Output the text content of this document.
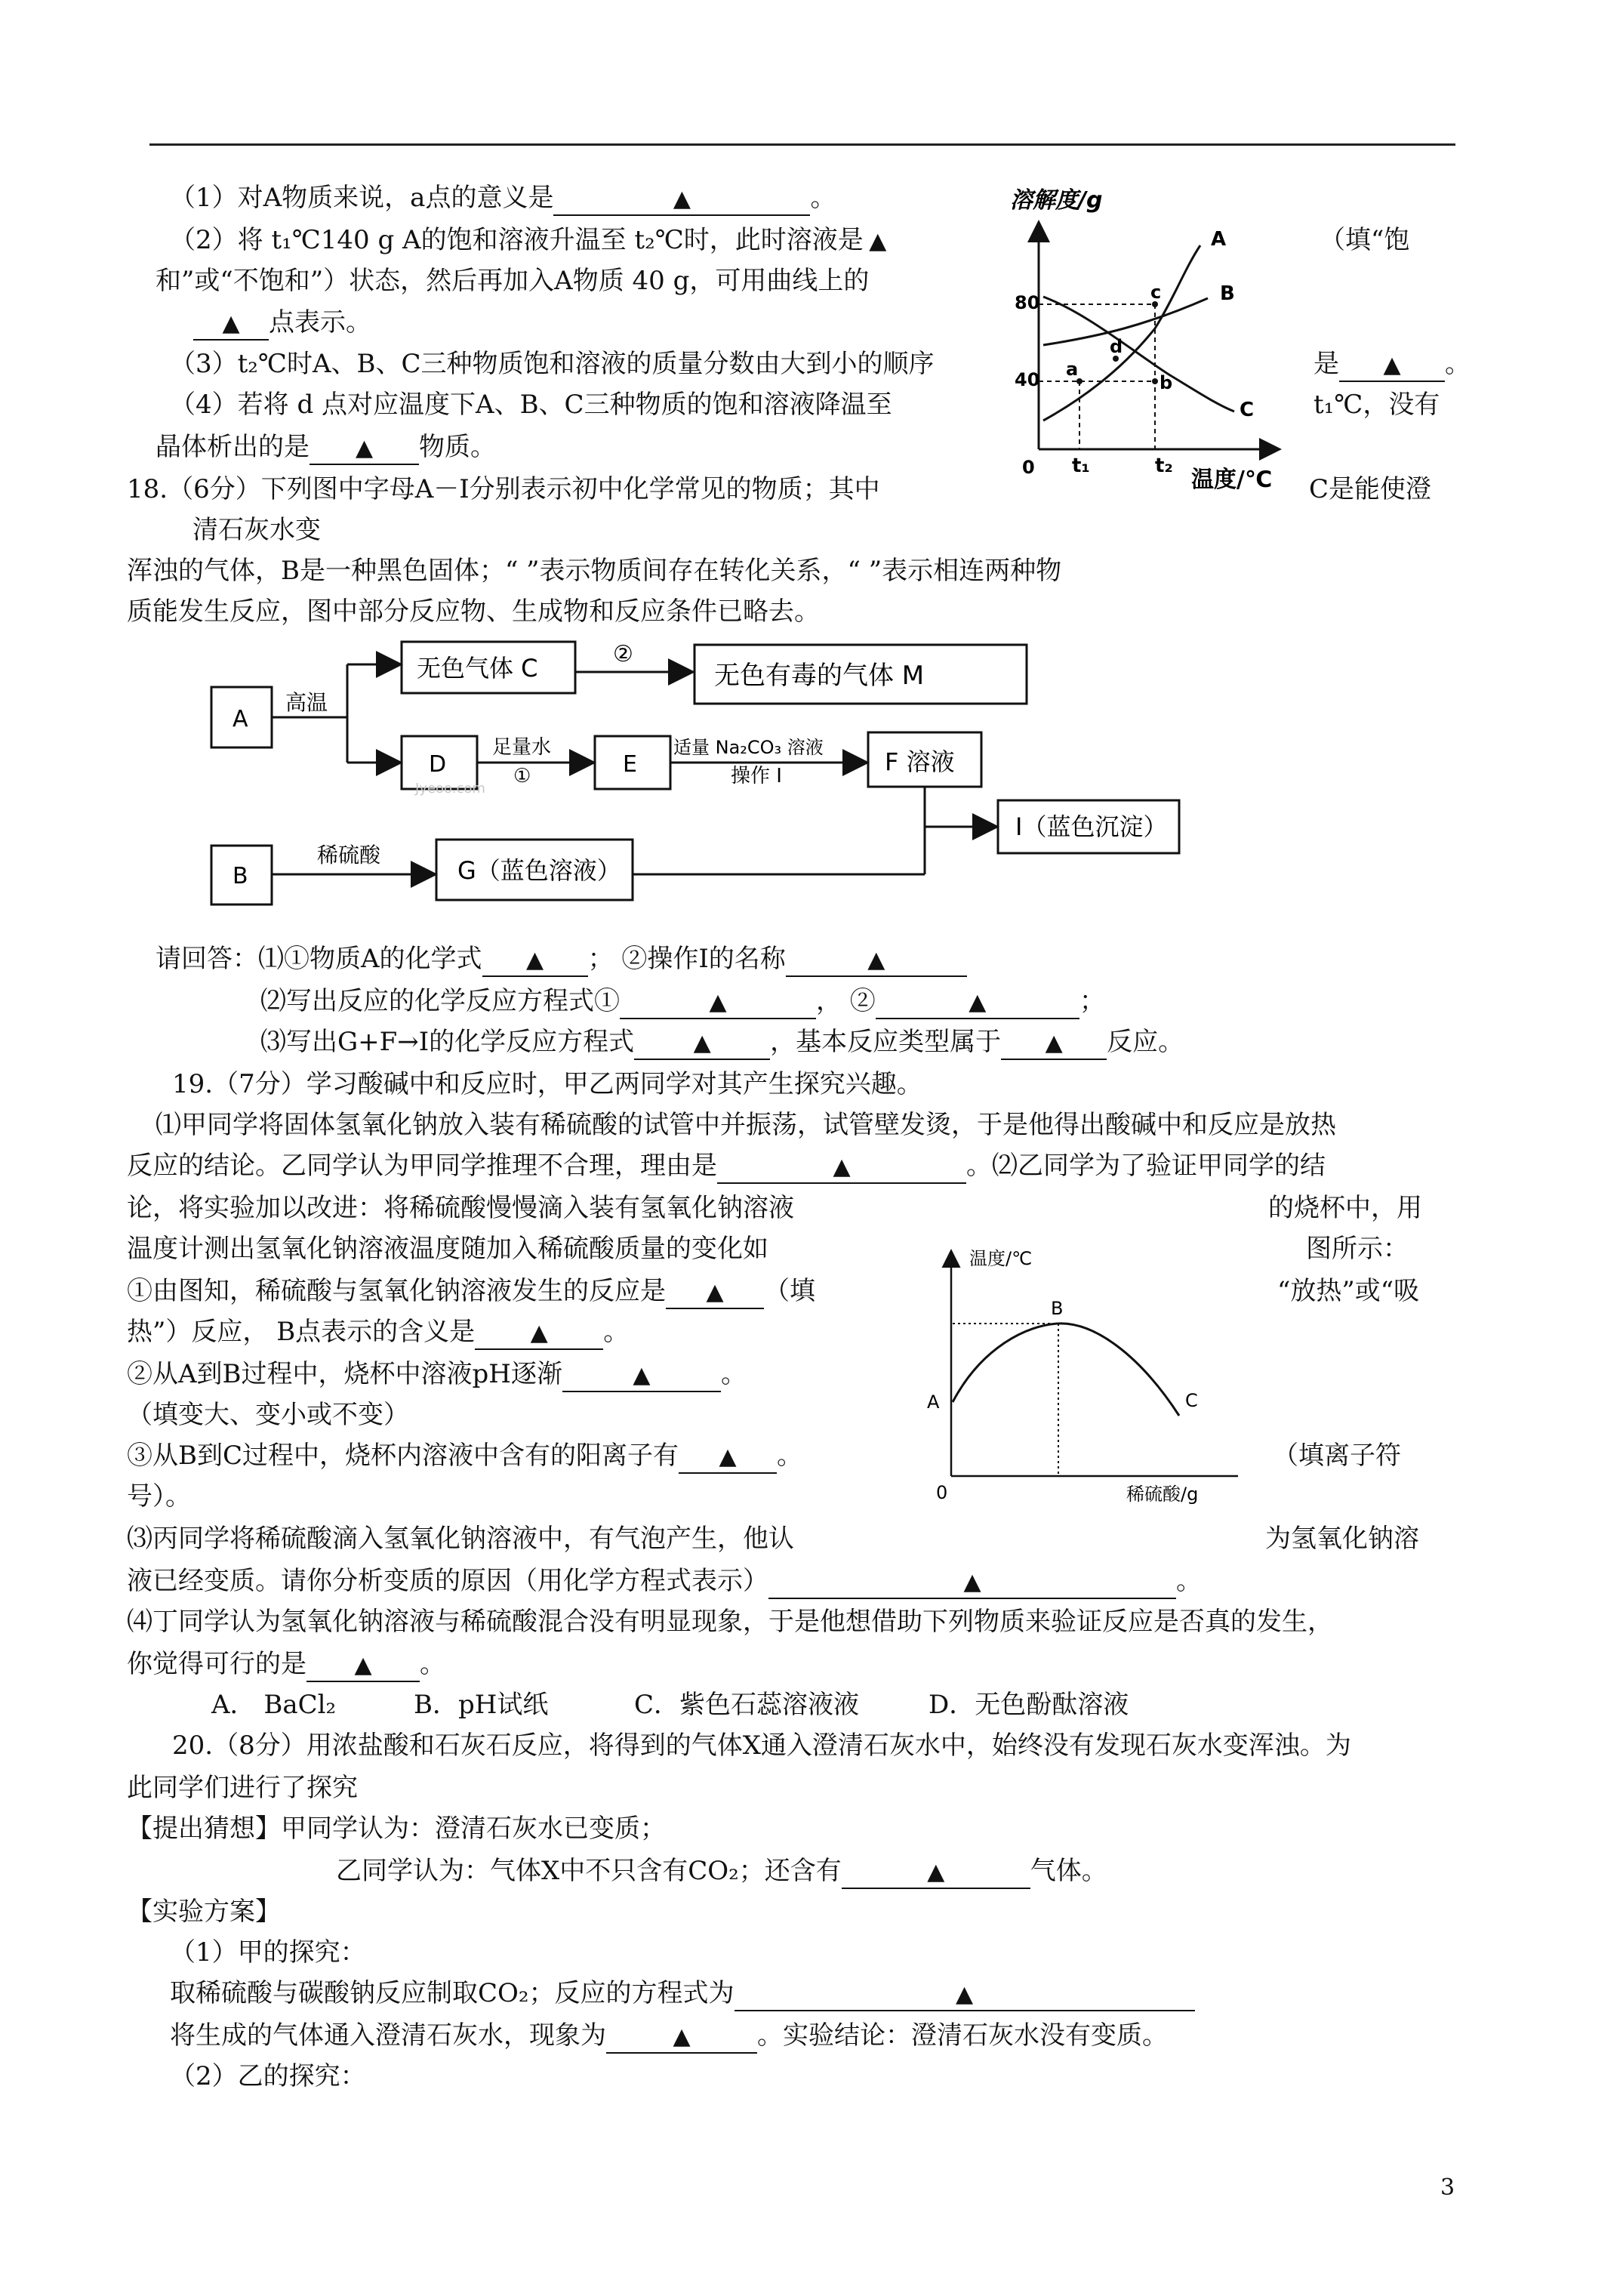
（1）对A物质来说，a点的意义是	▲	。
（2）将 t₁℃140 g A的饱和溶液升温至 t₂℃时，此时溶液是 ▲	（填“饱
和”或“不饱和”）状态，然后再加入A物质 40 g，可用曲线上的
▲ 点表示。
（3）t₂℃时A、B、C三种物质饱和溶液的质量分数由大到小的顺序	是 ▲ 。
（4）若将 d 点对应温度下A、B、C三种物质的饱和溶液降温至	t₁℃，没有
晶体析出的是 ▲ 物质。
溶解度/g
0
80
40
t₁	t₂
温度/℃
a
b
c
d
A
B
C
18.（6分）下列图中字母A－I分别表示初中化学常见的物质；其中	C是能使澄
清石灰水变
浑浊的气体，B是一种黑色固体；“ ”表示物质间存在转化关系，“ ”表示相连两种物
质能发生反应，图中部分反应物、生成物和反应条件已略去。
A
高温
无色气体 C	②
无色有毒的气体 M
D
足量水
①	E
适量 Na₂CO₃ 溶液
操作 I	F 溶液
I（蓝色沉淀）
B
稀硫酸
G（蓝色溶液）
Jyeoo.com
请回答：⑴①物质A的化学式 ▲ ； ②操作Ⅰ的名称	▲
⑵写出反应的化学反应方程式①	▲	， ②	▲	；
⑶写出G+F→I的化学反应方程式	▲ ，基本反应类型属于 ▲ 反应。
19.（7分）学习酸碱中和反应时，甲乙两同学对其产生探究兴趣。
⑴甲同学将固体氢氧化钠放入装有稀硫酸的试管中并振荡，试管壁发烫，于是他得出酸碱中和反应是放热
反应的结论。乙同学认为甲同学推理不合理，理由是	▲	。⑵乙同学为了验证甲同学的结
论，将实验加以改进：将稀硫酸慢慢滴入装有氢氧化钠溶液	的烧杯中，用
温度计测出氢氧化钠溶液温度随加入稀硫酸质量的变化如	图所示：
①由图知，稀硫酸与氢氧化钠溶液发生的反应是 ▲ （填	“放热”或“吸
热”）反应， B点表示的含义是 ▲ 。
②从A到B过程中，烧杯中溶液pH逐渐	▲	。
（填变大、变小或不变）
③从B到C过程中，烧杯内溶液中含有的阳离子有 ▲ 。	（填离子符
号）。
温度/℃
0	稀硫酸/g
A
B
C
⑶丙同学将稀硫酸滴入氢氧化钠溶液中，有气泡产生，他认	为氢氧化钠溶
液已经变质。请你分析变质的原因（用化学方程式表示）	▲	。
⑷丁同学认为氢氧化钠溶液与稀硫酸混合没有明显现象，于是他想借助下列物质来验证反应是否真的发生，
你觉得可行的是 ▲ 。
A． BaCl₂	B．pH试纸	C．紫色石蕊溶液液	D．无色酚酞溶液
20.（8分）用浓盐酸和石灰石反应，将得到的气体X通入澄清石灰水中，始终没有发现石灰水变浑浊。为
此同学们进行了探究
【提出猜想】甲同学认为：澄清石灰水已变质；
乙同学认为：气体X中不只含有CO₂；还含有	▲	气体。
【实验方案】
（1）甲的探究：
取稀硫酸与碳酸钠反应制取CO₂；反应的方程式为	▲
将生成的气体通入澄清石灰水，现象为	▲	。实验结论：澄清石灰水没有变质。
（2）乙的探究：
3
